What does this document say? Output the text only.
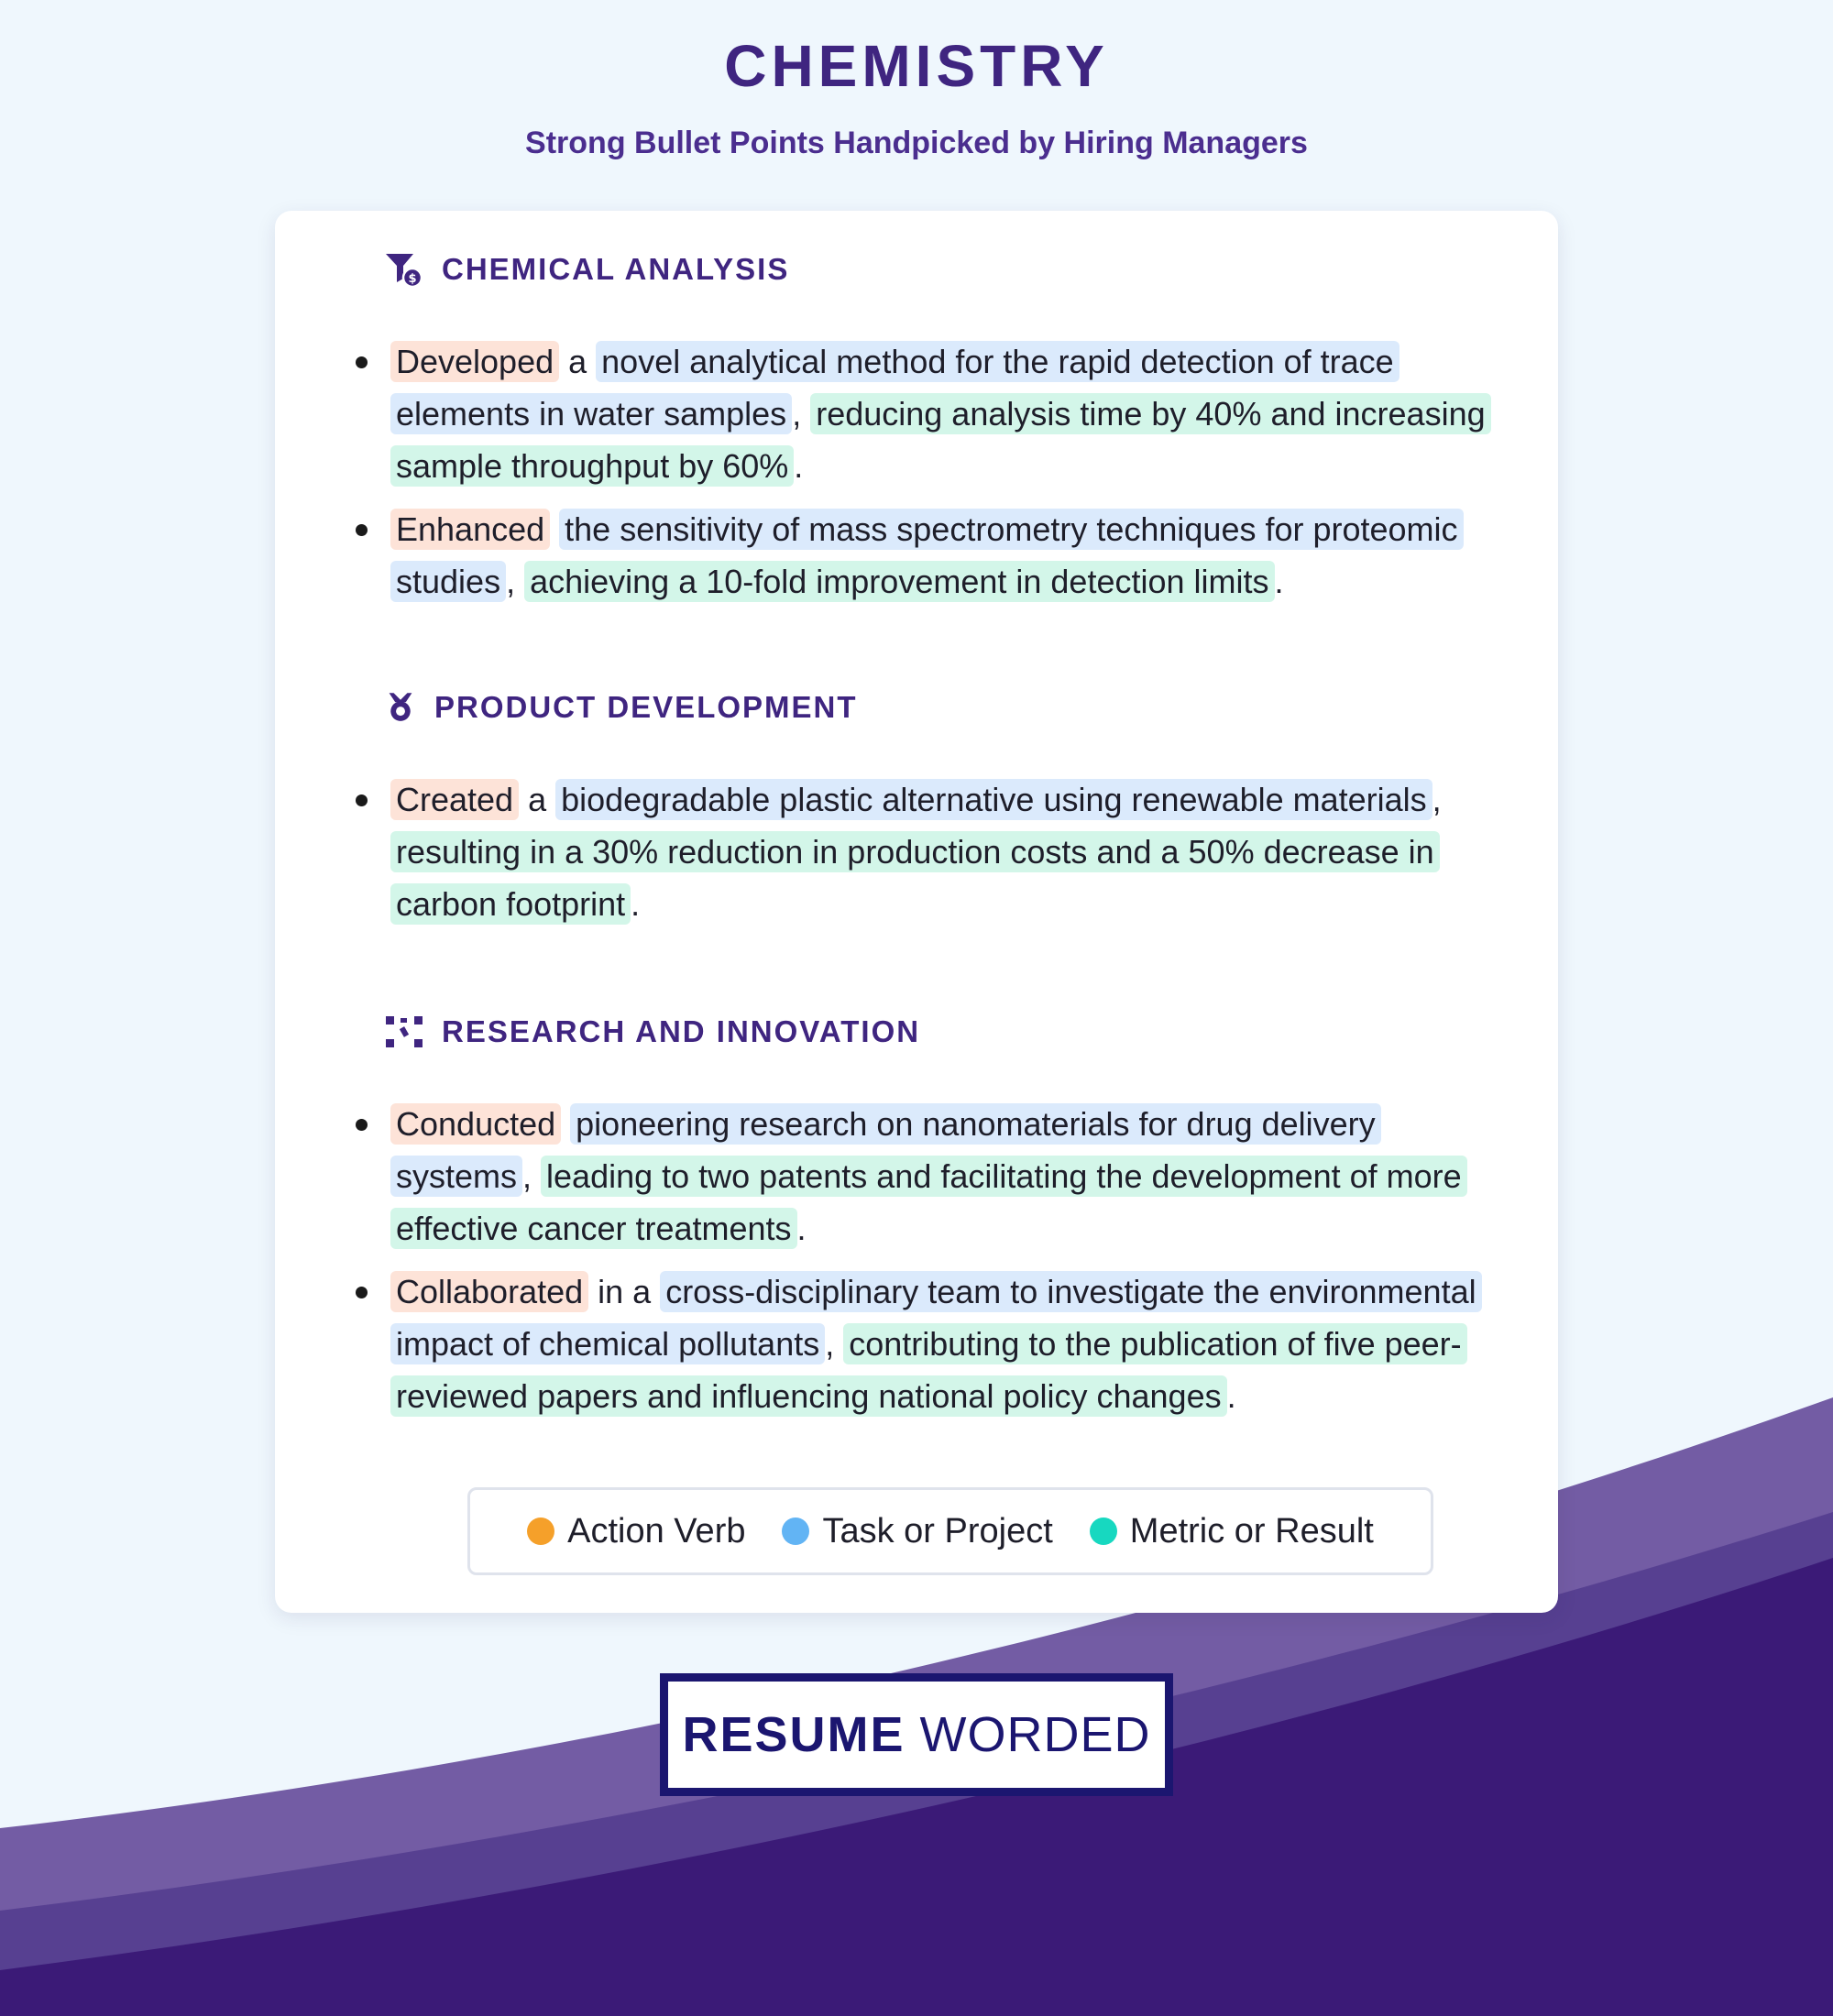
CHEMISTRY
Strong Bullet Points Handpicked by Hiring Managers
$ CHEMICAL ANALYSIS
Developed a novel analytical method for the rapid detection of trace elements in water samples , reducing analysis time by 40% and increasing sample throughput by 60% .
Enhanced the sensitivity of mass spectrometry techniques for proteomic studies , achieving a 10-fold improvement in detection limits .
PRODUCT DEVELOPMENT
Created a biodegradable plastic alternative using renewable materials , resulting in a 30% reduction in production costs and a 50% decrease in carbon footprint .
RESEARCH AND INNOVATION
Conducted pioneering research on nanomaterials for drug delivery systems , leading to two patents and facilitating the development of more effective cancer treatments .
Collaborated in a cross-disciplinary team to investigate the environmental impact of chemical pollutants , contributing to the publication of five peer-reviewed papers and influencing national policy changes .
Action Verb Task or Project Metric or Result
RESUME WORDED
